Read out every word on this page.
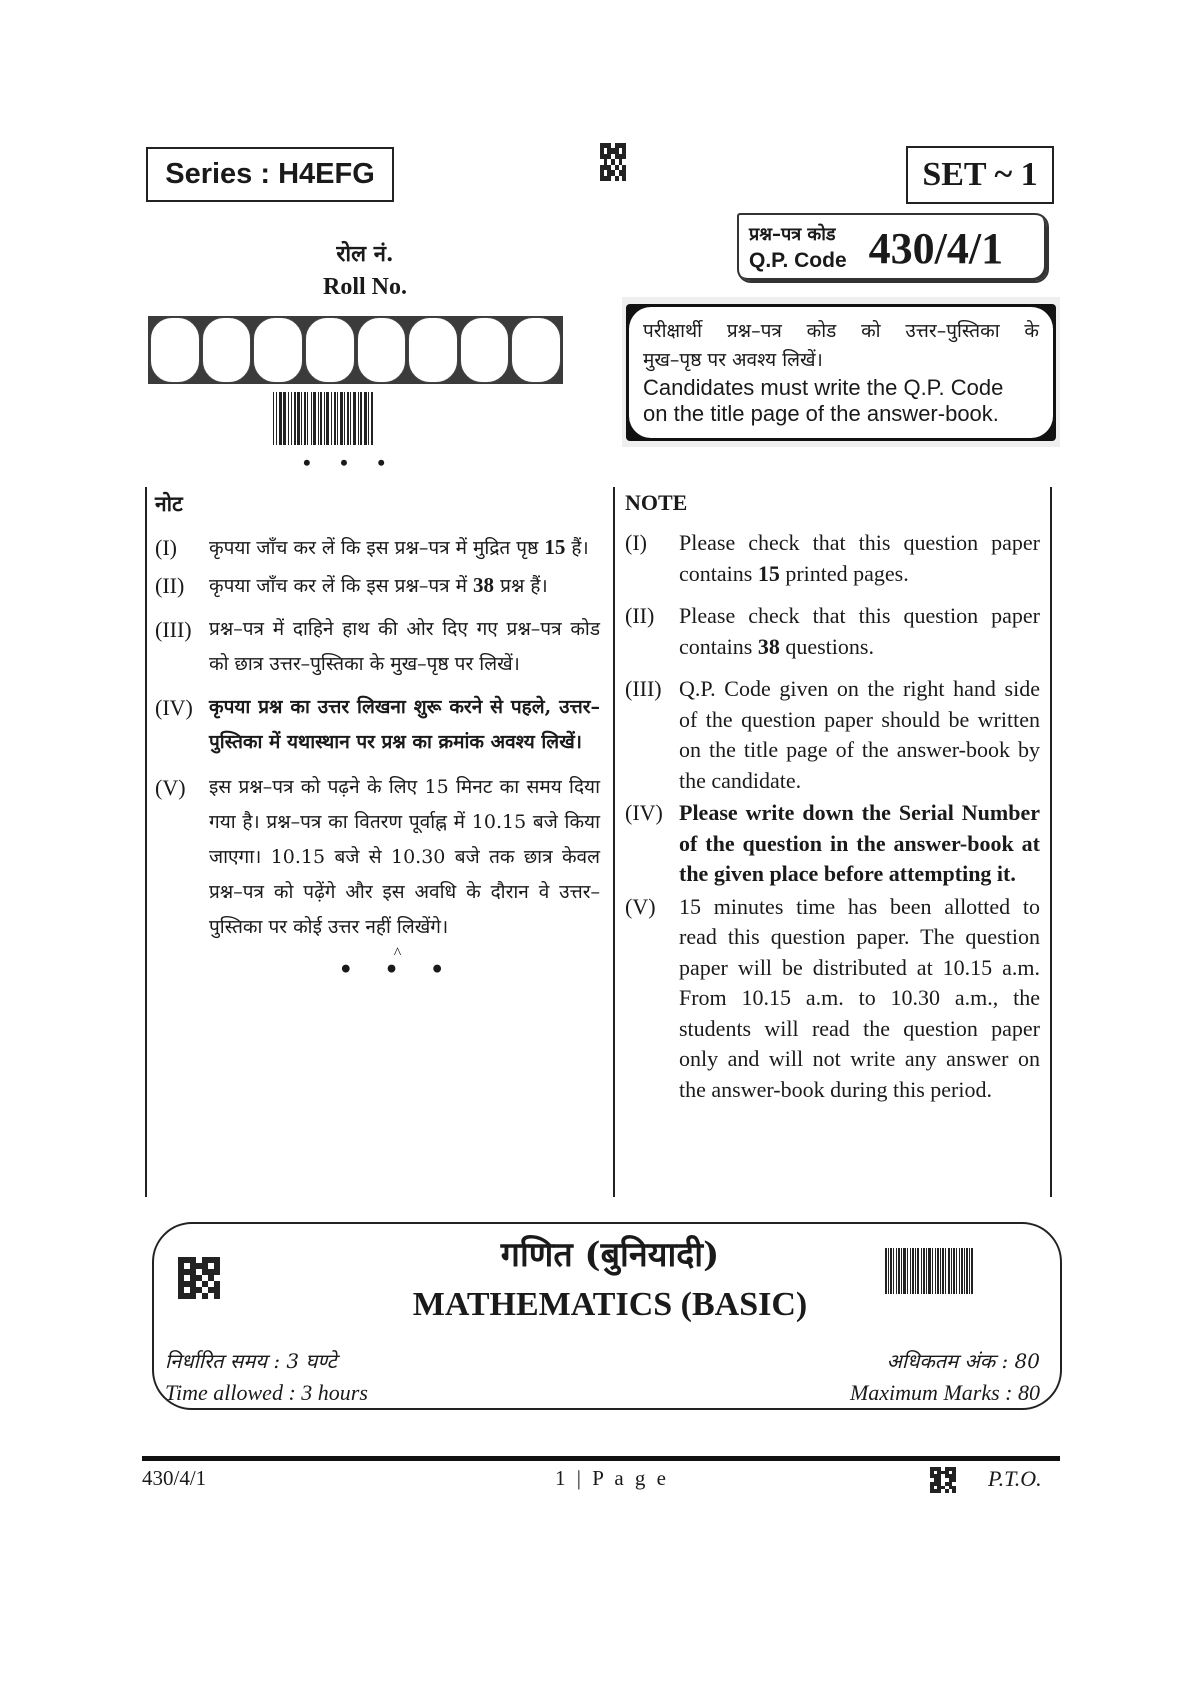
Series : H4EFG	SET ~ 1
रोल नं.
Roll No.
• • •
प्रश्न–पत्र कोड
Q.P. Code 430/4/1
परीक्षार्थी प्रश्न–पत्र कोड को उत्तर–पुस्तिका के
मुख–पृष्ठ पर अवश्य लिखें।
Candidates must write the Q.P. Code
on the title page of the answer-book.
नोट
(I)	कृपया जाँच कर लें कि इस प्रश्न–पत्र में मुद्रित पृष्ठ 15 हैं।
(II)	कृपया जाँच कर लें कि इस प्रश्न–पत्र में 38 प्रश्न हैं।
(III) प्रश्न–पत्र में दाहिने हाथ की ओर दिए गए प्रश्न–पत्र कोड को छात्र उत्तर–पुस्तिका के मुख–पृष्ठ पर लिखें।
(IV) कृपया प्रश्न का उत्तर लिखना शुरू करने से पहले, उत्तर–पुस्तिका में यथास्थान पर प्रश्न का क्रमांक अवश्य लिखें।
(V)	इस प्रश्न–पत्र को पढ़ने के लिए 15 मिनट का समय दिया गया है। प्रश्न–पत्र का वितरण पूर्वाह्न में 10.15 बजे किया जाएगा। 10.15 बजे से 10.30 बजे तक छात्र केवल प्रश्न–पत्र को पढ़ेंगे और इस अवधि के दौरान वे उत्तर–पुस्तिका पर कोई उत्तर नहीं लिखेंगे।
^
• • •
NOTE
(I)	Please check that this question paper contains 15 printed pages.
(II)	Please check that this question paper contains 38 questions.
(III) Q.P. Code given on the right hand side of the question paper should be written on the title page of the answer-book by the candidate.
(IV) Please write down the Serial Number of the question in the answer-book at the given place before attempting it.
(V)	15 minutes time has been allotted to read this question paper. The question paper will be distributed at 10.15 a.m. From 10.15 a.m. to 10.30 a.m., the students will read the question paper only and will not write any answer on the answer-book during this period.
गणित (बुनियादी)
MATHEMATICS (BASIC)
निर्धारित समय : 3 घण्टे
Time allowed : 3 hours
अधिकतम अंक : 80
Maximum Marks : 80
430/4/1	1 | P a g e	P.T.O.
